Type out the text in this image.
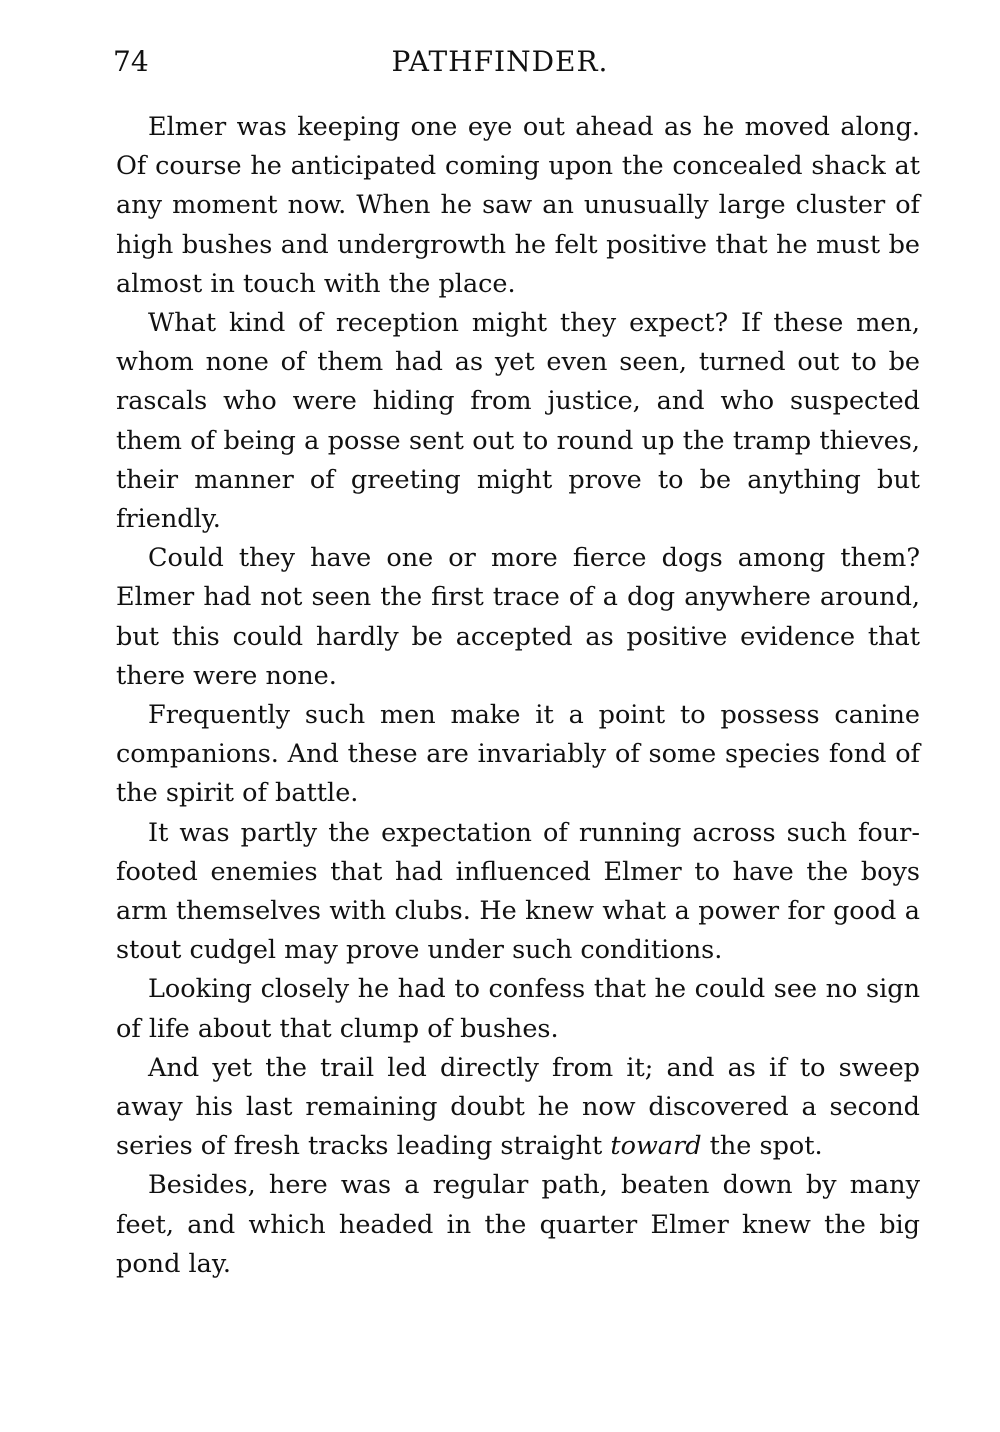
74	PATHFINDER.

Elmer was keeping one eye out ahead as he moved along. Of course he anticipated coming upon the concealed shack at any moment now. When he saw an unusually large cluster of high bushes and undergrowth he felt positive that he must be almost in touch with the place.

What kind of reception might they expect? If these men, whom none of them had as yet even seen, turned out to be rascals who were hiding from justice, and who suspected them of being a posse sent out to round up the tramp thieves, their manner of greeting might prove to be anything but friendly.

Could they have one or more fierce dogs among them? Elmer had not seen the first trace of a dog anywhere around, but this could hardly be accepted as positive evidence that there were none.

Frequently such men make it a point to possess canine companions. And these are invariably of some species fond of the spirit of battle.

It was partly the expectation of running across such four-footed enemies that had influenced Elmer to have the boys arm themselves with clubs. He knew what a power for good a stout cudgel may prove under such conditions.

Looking closely he had to confess that he could see no sign of life about that clump of bushes.

And yet the trail led directly from it; and as if to sweep away his last remaining doubt he now discovered a second series of fresh tracks leading straight toward the spot.

Besides, here was a regular path, beaten down by many feet, and which headed in the quarter Elmer knew the big pond lay.
